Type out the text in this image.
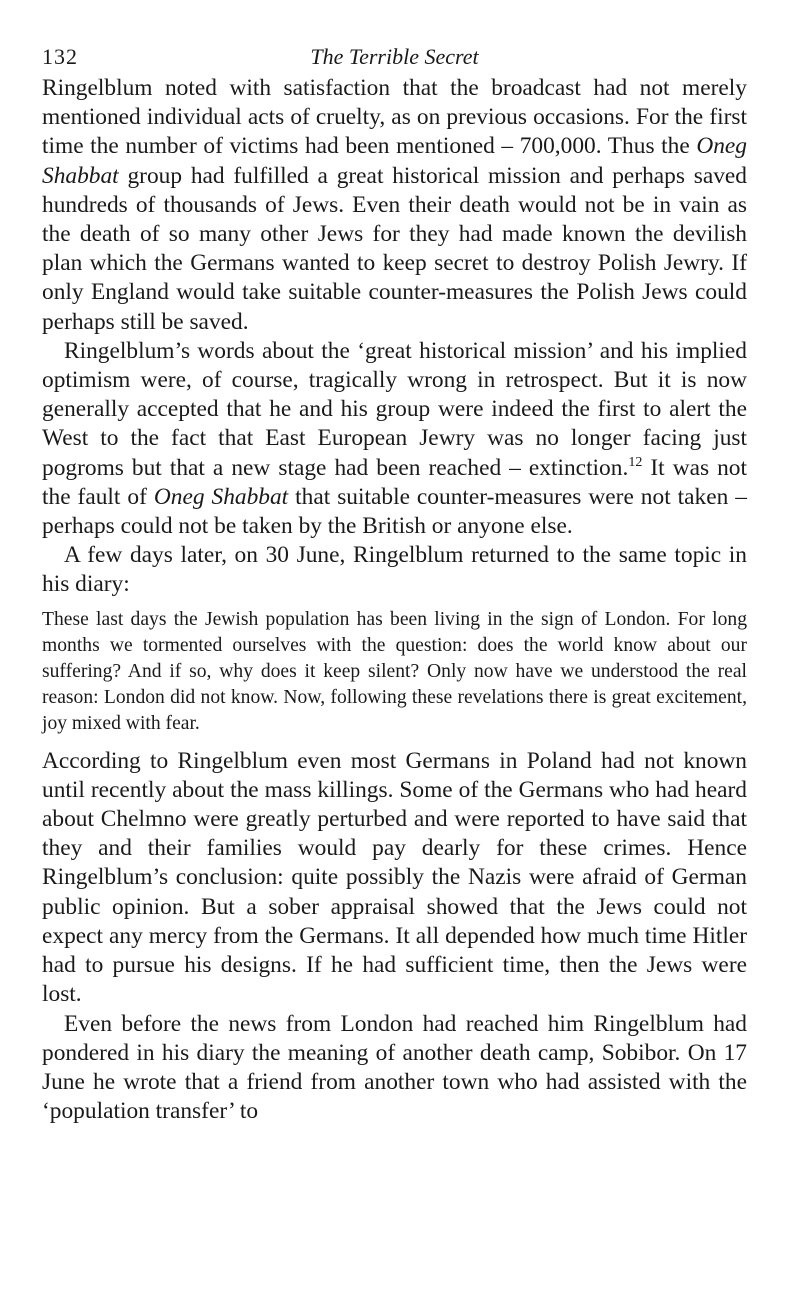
132	The Terrible Secret

Ringelblum noted with satisfaction that the broadcast had not merely mentioned individual acts of cruelty, as on previous occasions. For the first time the number of victims had been mentioned – 700,000. Thus the Oneg Shabbat group had fulfilled a great historical mission and perhaps saved hundreds of thousands of Jews. Even their death would not be in vain as the death of so many other Jews for they had made known the devilish plan which the Germans wanted to keep secret to destroy Polish Jewry. If only England would take suitable counter-measures the Polish Jews could perhaps still be saved.

Ringelblum’s words about the ‘great historical mission’ and his implied optimism were, of course, tragically wrong in retrospect. But it is now generally accepted that he and his group were indeed the first to alert the West to the fact that East European Jewry was no longer facing just pogroms but that a new stage had been reached – extinction.$^{12}$ It was not the fault of Oneg Shabbat that suitable counter-measures were not taken – perhaps could not be taken by the British or anyone else.

A few days later, on 30 June, Ringelblum returned to the same topic in his diary:

These last days the Jewish population has been living in the sign of London. For long months we tormented ourselves with the question: does the world know about our suffering? And if so, why does it keep silent? Only now have we understood the real reason: London did not know. Now, following these revelations there is great excitement, joy mixed with fear.

According to Ringelblum even most Germans in Poland had not known until recently about the mass killings. Some of the Germans who had heard about Chelmno were greatly perturbed and were reported to have said that they and their families would pay dearly for these crimes. Hence Ringelblum’s conclusion: quite possibly the Nazis were afraid of German public opinion. But a sober appraisal showed that the Jews could not expect any mercy from the Germans. It all depended how much time Hitler had to pursue his designs. If he had sufficient time, then the Jews were lost.

Even before the news from London had reached him Ringelblum had pondered in his diary the meaning of another death camp, Sobibor. On 17 June he wrote that a friend from another town who had assisted with the ‘population transfer’ to
